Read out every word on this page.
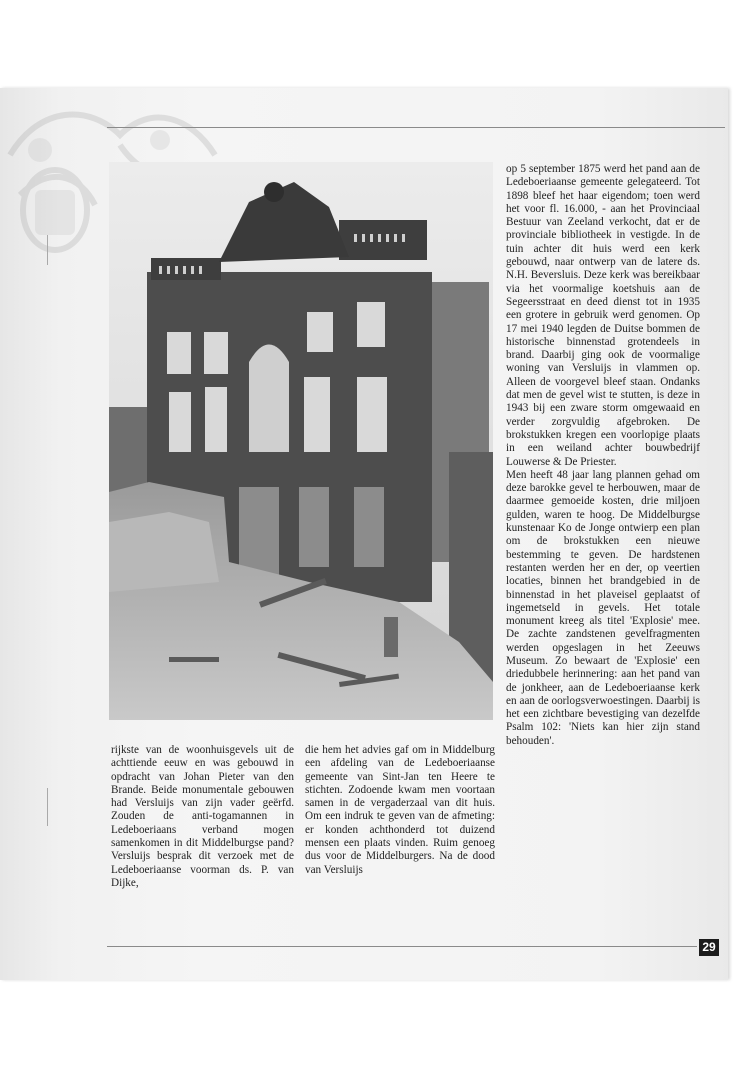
op 5 september 1875 werd het pand aan de Ledeboeriaanse gemeente gelegateerd. Tot 1898 bleef het haar eigendom; toen werd het voor fl. 16.000, - aan het Provinciaal Bestuur van Zeeland verkocht, dat er de provinciale bibliotheek in vestigde. In de tuin achter dit huis werd een kerk gebouwd, naar ontwerp van de latere ds. N.H. Beversluis. Deze kerk was bereikbaar via het voormalige koetshuis aan de Segeersstraat en deed dienst tot in 1935 een grotere in gebruik werd genomen. Op 17 mei 1940 legden de Duitse bommen de historische binnenstad grotendeels in brand. Daarbij ging ook de voormalige woning van Versluijs in vlammen op. Alleen de voorgevel bleef staan. Ondanks dat men de gevel wist te stutten, is deze in 1943 bij een zware storm omgewaaid en verder zorgvuldig afgebroken. De brokstukken kregen een voorlopige plaats in een weiland achter bouwbedrijf Louwerse & De Priester.

Men heeft 48 jaar lang plannen gehad om deze barokke gevel te herbouwen, maar de daarmee gemoeide kosten, drie miljoen gulden, waren te hoog. De Middelburgse kunstenaar Ko de Jonge ontwierp een plan om de brokstukken een nieuwe bestemming te geven. De hardstenen restanten werden her en der, op veertien locaties, binnen het brandgebied in de binnenstad in het plaveisel geplaatst of ingemetseld in gevels. Het totale monument kreeg als titel 'Explosie' mee. De zachte zandstenen gevelfragmenten werden opgeslagen in het Zeeuws Museum. Zo bewaart de 'Explosie' een driedubbele herinnering: aan het pand van de jonkheer, aan de Ledeboeriaanse kerk en aan de oorlogsverwoestingen. Daarbij is het een zichtbare bevestiging van dezelfde Psalm 102: 'Niets kan hier zijn stand behouden'.

rijkste van de woonhuisgevels uit de achttiende eeuw en was gebouwd in opdracht van Johan Pieter van den Brande. Beide monumentale gebouwen had Versluijs van zijn vader geërfd. Zouden de anti-togamannen in Ledeboeriaans verband mogen samenkomen in dit Middelburgse pand? Versluijs besprak dit verzoek met de Ledeboeriaanse voorman ds. P. van Dijke,

die hem het advies gaf om in Middelburg een afdeling van de Ledeboeriaanse gemeente van Sint-Jan ten Heere te stichten. Zodoende kwam men voortaan samen in de vergaderzaal van dit huis. Om een indruk te geven van de afmeting: er konden achthonderd tot duizend mensen een plaats vinden. Ruim genoeg dus voor de Middelburgers. Na de dood van Versluijs

29
